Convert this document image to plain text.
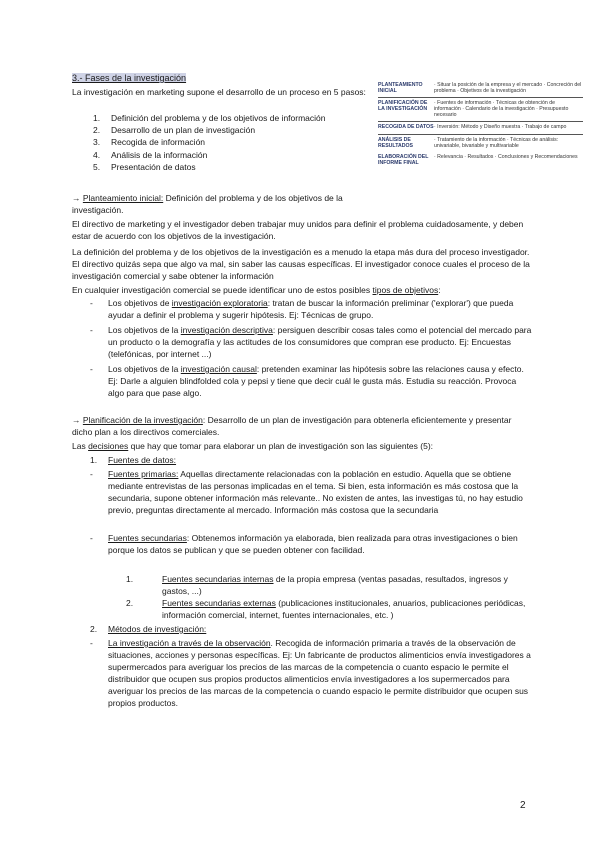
3.- Fases de la investigación
La investigación en marketing supone el desarrollo de un proceso en 5 pasos:
1. Definición del problema y de los objetivos de información
2. Desarrollo de un plan de investigación
3. Recogida de información
4. Análisis de la información
5. Presentación de datos
PLANTEAMIENTO INICIAL
· Situar la posición de la empresa y el mercado · Concreción del problema · Objetivos de la investigación
PLANIFICACIÓN DE LA INVESTIGACIÓN
· Fuentes de información · Técnicas de obtención de información · Calendario de la investigación · Presupuesto necesario
RECOGIDA DE DATOS · Inversión: Método y Diseño muestra · Trabajo de campo
ANÁLISIS DE RESULTADOS
· Tratamiento de la información · Técnicas de análisis: univariable, bivariable y multivariable
ELABORACIÓN DEL INFORME FINAL
· Relevancia · Resultados · Conclusiones y Recomendaciones
→ Planteamiento inicial: Definición del problema y de los objetivos de la investigación.
El directivo de marketing y el investigador deben trabajar muy unidos para definir el problema cuidadosamente, y deben estar de acuerdo con los objetivos de la investigación.
La definición del problema y de los objetivos de la investigación es a menudo la etapa más dura del proceso investigador. El directivo quizás sepa que algo va mal, sin saber las causas específicas. El investigador conoce cuales el proceso de la investigación comercial y sabe obtener la información
En cualquier investigación comercial se puede identificar uno de estos posibles tipos de objetivos:
- Los objetivos de investigación exploratoria: tratan de buscar la información preliminar ('explorar') que pueda ayudar a definir el problema y sugerir hipótesis. Ej: Técnicas de grupo.
- Los objetivos de la investigación descriptiva: persiguen describir cosas tales como el potencial del mercado para un producto o la demografía y las actitudes de los consumidores que compran ese producto. Ej: Encuestas (telefónicas, por internet ...)
- Los objetivos de la investigación causal: pretenden examinar las hipótesis sobre las relaciones causa y efecto. Ej: Darle a alguien blindfolded cola y pepsi y tiene que decir cuál le gusta más. Estudia su reacción. Provoca algo para que pase algo.
→ Planificación de la investigación: Desarrollo de un plan de investigación para obtenerla eficientemente y presentar dicho plan a los directivos comerciales.
Las decisiones que hay que tomar para elaborar un plan de investigación son las siguientes (5):
1. Fuentes de datos:
- Fuentes primarias: Aquellas directamente relacionadas con la población en estudio. Aquella que se obtiene mediante entrevistas de las personas implicadas en el tema. Si bien, esta información es más costosa que la secundaria, supone obtener información más relevante.. No existen de antes, las investigas tú, no hay estudio previo, preguntas directamente al mercado. Información más costosa que la secundaria
- Fuentes secundarias: Obtenemos información ya elaborada, bien realizada para otras investigaciones o bien porque los datos se publican y que se pueden obtener con facilidad.
1.	Fuentes secundarias internas de la propia empresa (ventas pasadas, resultados, ingresos y gastos, ...)
2.	Fuentes secundarias externas (publicaciones institucionales, anuarios, publicaciones periódicas, información comercial, internet, fuentes internacionales, etc. )
2. Métodos de investigación:
- La investigación a través de la observación. Recogida de información primaria a través de la observación de situaciones, acciones y personas específicas. Ej: Un fabricante de productos alimenticios envía investigadores a supermercados para averiguar los precios de las marcas de la competencia o cuanto espacio le permite el distribuidor que ocupen sus propios productos alimenticios envía investigadores a los supermercados para averiguar los precios de las marcas de la competencia o cuando espacio le permite distribuidor que ocupen sus propios productos.
2
